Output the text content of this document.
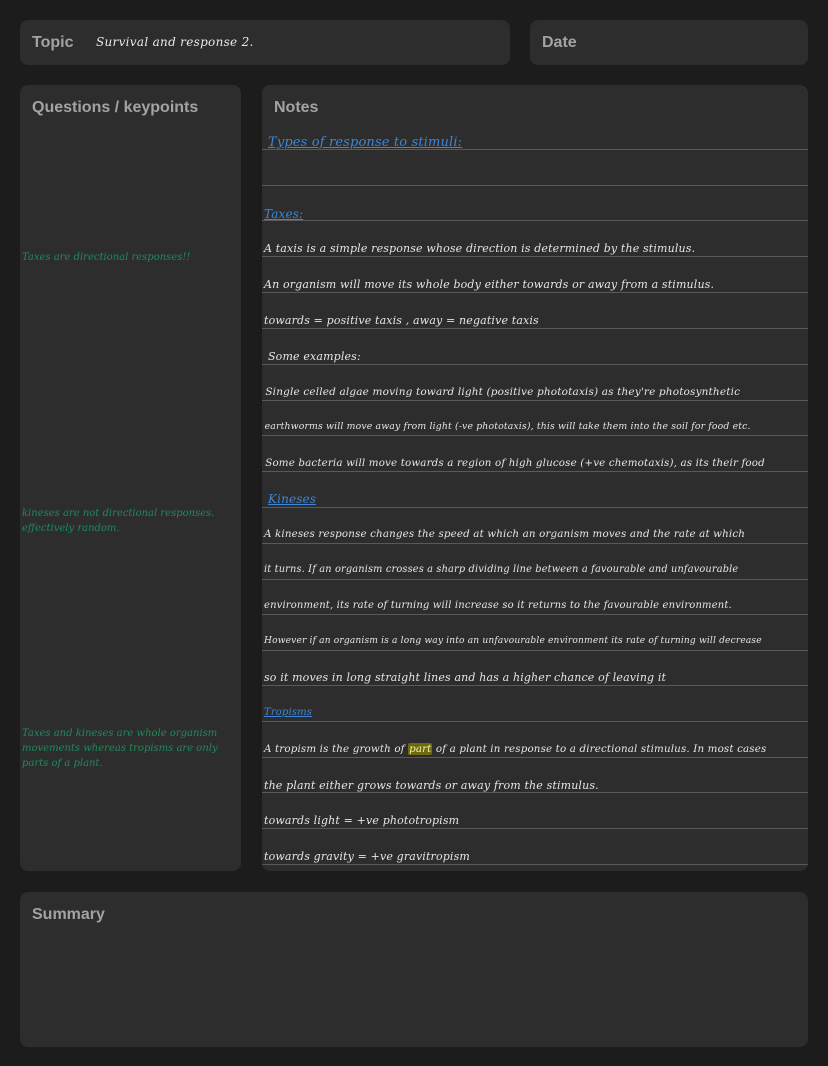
Topic Survival and response 2.	Date
Questions / keypoints
Taxes are directional responses!!
kineses are not directional responses. effectively random.
Taxes and kineses are whole organism movements whereas tropisms are only parts of a plant.
Notes
Types of response to stimuli:
Taxes:
A taxis is a simple response whose direction is determined by the stimulus.
An organism will move its whole body either towards or away from a stimulus.
towards = positive taxis , away = negative taxis
Some examples:
• Single celled algae moving toward light (positive phototaxis) as they're photosynthetic
• earthworms will move away from light (-ve phototaxis), this will take them into the soil for food etc.
• Some bacteria will move towards a region of high glucose (+ve chemotaxis), as its their food
Kineses
A kineses response changes the speed at which an organism moves and the rate at which
it turns. If an organism crosses a sharp dividing line between a favourable and unfavourable
environment, its rate of turning will increase so it returns to the favourable environment.
However if an organism is a long way into an unfavourable environment its rate of turning will decrease
so it moves in long straight lines and has a higher chance of leaving it
Tropisms
A tropism is the growth of part of a plant in response to a directional stimulus. In most cases
the plant either grows towards or away from the stimulus.
towards light = +ve phototropism
towards gravity = +ve gravitropism
Summary
